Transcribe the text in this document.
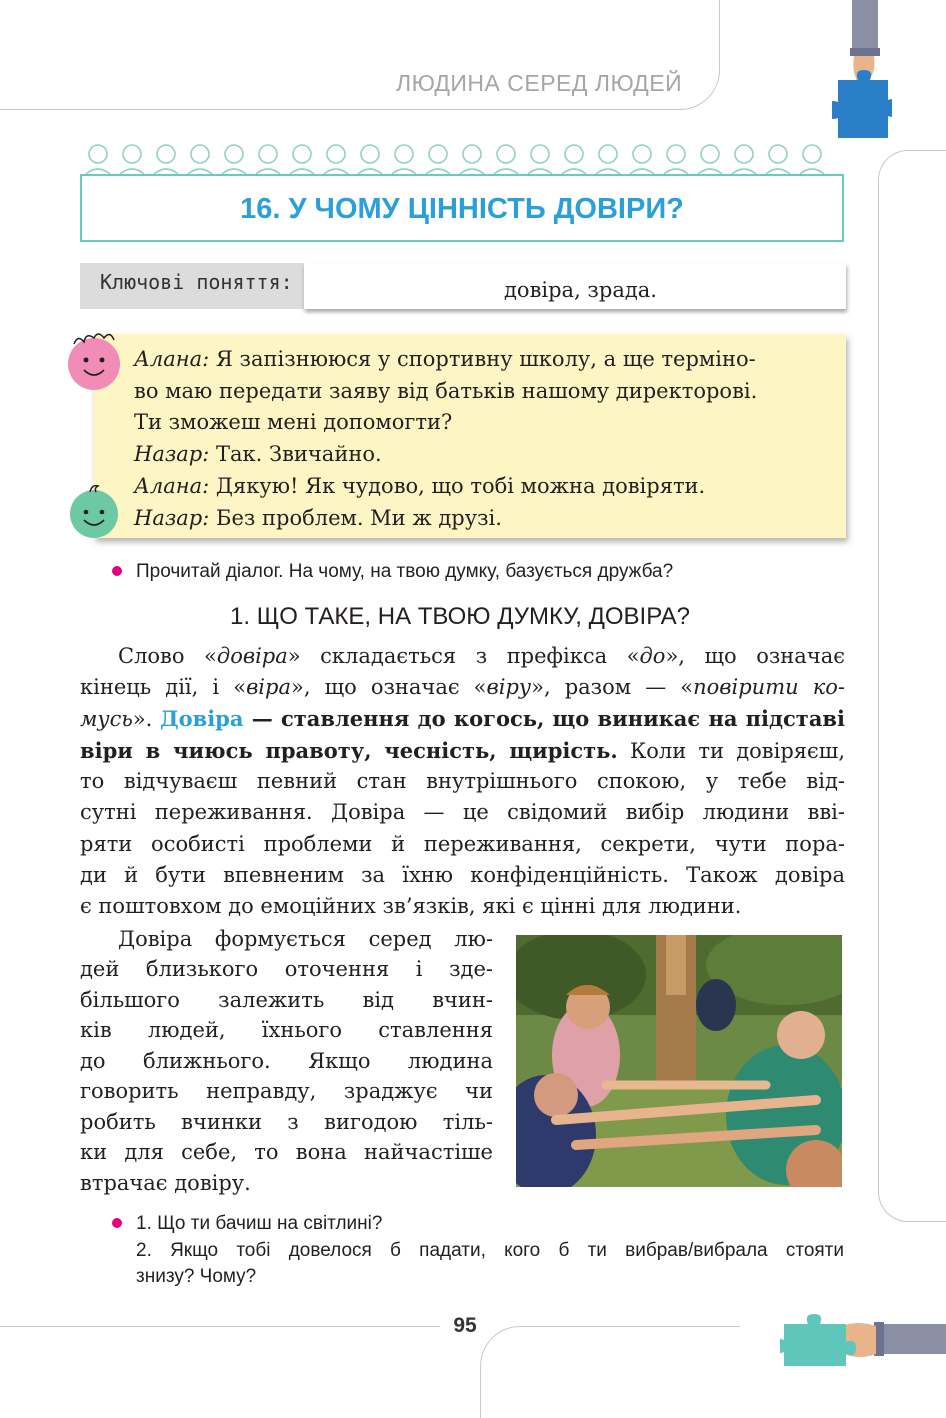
ЛЮДИНА СЕРЕД ЛЮДЕЙ
16. У ЧОМУ ЦІННІСТЬ ДОВІРИ?
Ключові поняття:	довіра, зрада.
Алана: Я запізнююся у спортивну школу, а ще терміно-
во маю передати заяву від батьків нашому директорові.
Ти зможеш мені допомогти?
Назар: Так. Звичайно.
Алана: Дякую! Як чудово, що тобі можна довіряти.
Назар: Без проблем. Ми ж друзі.
Прочитай діалог. На чому, на твою думку, базується дружба?
1. ЩО ТАКЕ, НА ТВОЮ ДУМКУ, ДОВІРА?
Слово «довіра» складається з префікса «до», що означає
кінець дії, і «віра», що означає «віру», разом — «повірити ко-
мусь». Довіра — ставлення до когось, що виникає на підставі
віри в чиюсь правоту, чесність, щирість. Коли ти довіряєш,
то відчуваєш певний стан внутрішнього спокою, у тебе від-
сутні переживання. Довіра — це свідомий вибір людини вві-
ряти особисті проблеми й переживання, секрети, чути пора-
ди й бути впевненим за їхню конфіденційність. Також довіра
є поштовхом до емоційних зв’язків, які є цінні для людини.
Довіра формується серед лю-
дей близького оточення і зде-
більшого залежить від вчин-
ків людей, їхнього ставлення
до ближнього. Якщо людина
говорить неправду, зраджує чи
робить вчинки з вигодою тіль-
ки для себе, то вона найчастіше
втрачає довіру.
1. Що ти бачиш на світлині?
2. Якщо тобі довелося б падати, кого б ти вибрав/вибрала стояти
знизу? Чому?
95
